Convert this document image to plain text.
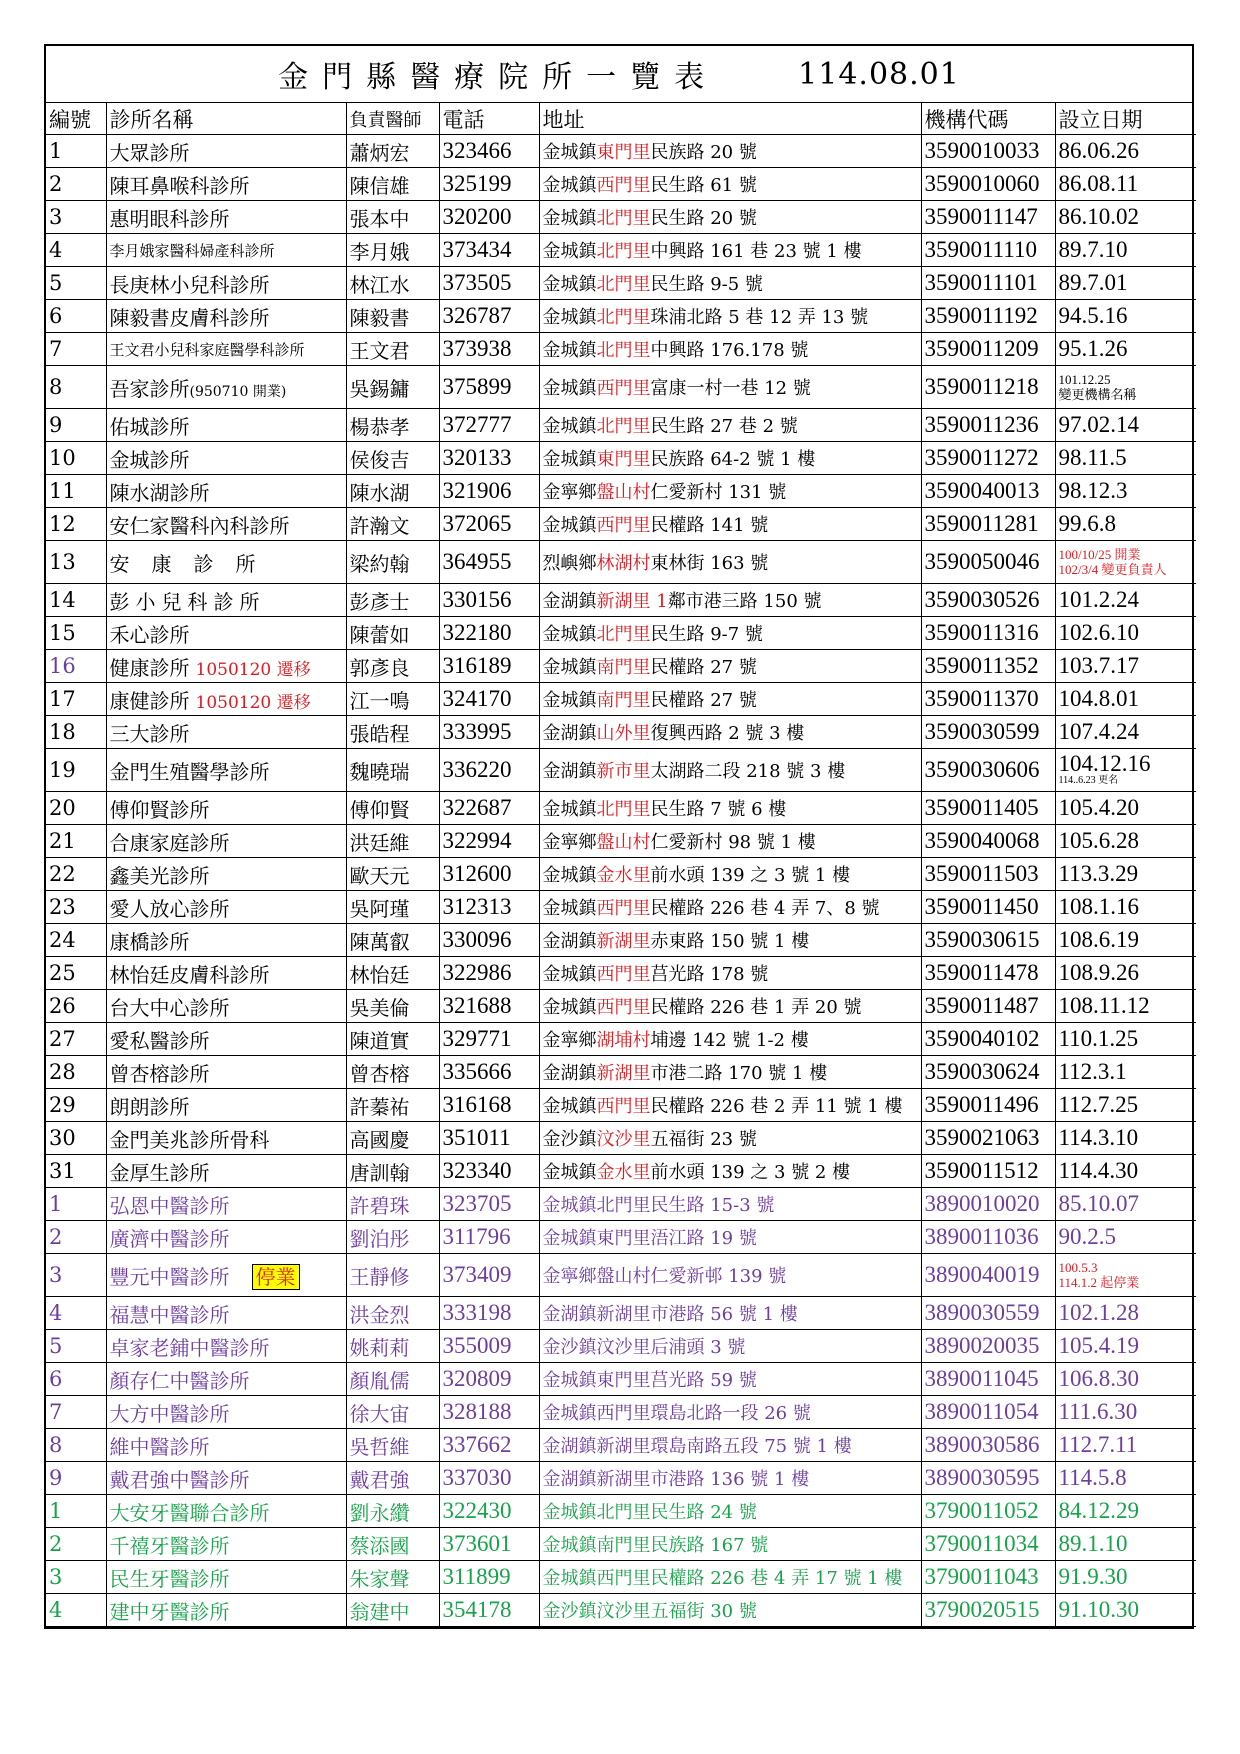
金門縣醫療院所一覽表	114.08.01
編號	診所名稱	負責醫師	電話	地址	機構代碼	設立日期
1	大眾診所	蕭炳宏	323466	金城鎮東門里民族路 20 號	3590010033	86.06.26
2	陳耳鼻喉科診所	陳信雄	325199	金城鎮西門里民生路 61 號	3590010060	86.08.11
3	惠明眼科診所	張本中	320200	金城鎮北門里民生路 20 號	3590011147	86.10.02
4	李月娥家醫科婦產科診所	李月娥	373434	金城鎮北門里中興路 161 巷 23 號 1 樓	3590011110	89.7.10
5	長庚林小兒科診所	林江水	373505	金城鎮北門里民生路 9-5 號	3590011101	89.7.01
6	陳毅書皮膚科診所	陳毅書	326787	金城鎮北門里珠浦北路 5 巷 12 弄 13 號	3590011192	94.5.16
7	王文君小兒科家庭醫學科診所	王文君	373938	金城鎮北門里中興路 176.178 號	3590011209	95.1.26
8	吾家診所(950710 開業)	吳錫鏞	375899	金城鎮西門里富康一村一巷 12 號	3590011218	101.12.25
變更機構名稱

9	佑城診所	楊恭孝	372777	金城鎮北門里民生路 27 巷 2 號	3590011236	97.02.14
10	金城診所	侯俊吉	320133	金城鎮東門里民族路 64-2 號 1 樓	3590011272	98.11.5
11	陳水湖診所	陳水湖	321906	金寧鄉盤山村仁愛新村 131 號	3590040013	98.12.3
12	安仁家醫科內科診所	許瀚文	372065	金城鎮西門里民權路 141 號	3590011281	99.6.8
13	安康診所	梁約翰	364955	烈嶼鄉林湖村東林街 163 號	3590050046	100/10/25 開業
102/3/4 變更負責人

14	彭小兒科診所	彭彥士	330156	金湖鎮新湖里 1鄰市港三路 150 號	3590030526	101.2.24
15	禾心診所	陳蕾如	322180	金城鎮北門里民生路 9-7 號	3590011316	102.6.10
16	健康診所 1050120 遷移	郭彥良	316189	金城鎮南門里民權路 27 號	3590011352	103.7.17
17	康健診所 1050120 遷移	江一鳴	324170	金城鎮南門里民權路 27 號	3590011370	104.8.01
18	三大診所	張皓程	333995	金湖鎮山外里復興西路 2 號 3 樓	3590030599	107.4.24
19	金門生殖醫學診所	魏曉瑞	336220	金湖鎮新市里太湖路二段 218 號 3 樓	3590030606	104.12.16
114..6.23 更名

20	傅仰賢診所	傅仰賢	322687	金城鎮北門里民生路 7 號 6 樓	3590011405	105.4.20
21	合康家庭診所	洪廷維	322994	金寧鄉盤山村仁愛新村 98 號 1 樓	3590040068	105.6.28
22	鑫美光診所	歐天元	312600	金城鎮金水里前水頭 139 之 3 號 1 樓	3590011503	113.3.29
23	愛人放心診所	吳阿瑾	312313	金城鎮西門里民權路 226 巷 4 弄 7、8 號	3590011450	108.1.16
24	康橋診所	陳萬叡	330096	金湖鎮新湖里赤東路 150 號 1 樓	3590030615	108.6.19
25	林怡廷皮膚科診所	林怡廷	322986	金城鎮西門里莒光路 178 號	3590011478	108.9.26
26	台大中心診所	吳美倫	321688	金城鎮西門里民權路 226 巷 1 弄 20 號	3590011487	108.11.12
27	愛私醫診所	陳道實	329771	金寧鄉湖埔村埔邊 142 號 1-2 樓	3590040102	110.1.25
28	曾杏榕診所	曾杏榕	335666	金湖鎮新湖里市港二路 170 號 1 樓	3590030624	112.3.1
29	朗朗診所	許蓁祐	316168	金城鎮西門里民權路 226 巷 2 弄 11 號 1 樓	3590011496	112.7.25
30	金門美兆診所骨科	高國慶	351011	金沙鎮汶沙里五福街 23 號	3590021063	114.3.10
31	金厚生診所	唐訓翰	323340	金城鎮金水里前水頭 139 之 3 號 2 樓	3590011512	114.4.30
1	弘恩中醫診所	許碧珠	323705	金城鎮北門里民生路 15-3 號	3890010020	85.10.07
2	廣濟中醫診所	劉泊彤	311796	金城鎮東門里浯江路 19 號	3890011036	90.2.5
3	豐元中醫診所 停業	王靜修	373409	金寧鄉盤山村仁愛新邨 139 號	3890040019	100.5.3
114.1.2 起停業

4	福慧中醫診所	洪金烈	333198	金湖鎮新湖里市港路 56 號 1 樓	3890030559	102.1.28
5	卓家老鋪中醫診所	姚莉莉	355009	金沙鎮汶沙里后浦頭 3 號	3890020035	105.4.19
6	顏存仁中醫診所	顏胤儒	320809	金城鎮東門里莒光路 59 號	3890011045	106.8.30
7	大方中醫診所	徐大宙	328188	金城鎮西門里環島北路一段 26 號	3890011054	111.6.30
8	維中醫診所	吳哲維	337662	金湖鎮新湖里環島南路五段 75 號 1 樓	3890030586	112.7.11
9	戴君強中醫診所	戴君強	337030	金湖鎮新湖里市港路 136 號 1 樓	3890030595	114.5.8
1	大安牙醫聯合診所	劉永纘	322430	金城鎮北門里民生路 24 號	3790011052	84.12.29
2	千禧牙醫診所	蔡添國	373601	金城鎮南門里民族路 167 號	3790011034	89.1.10
3	民生牙醫診所	朱家聲	311899	金城鎮西門里民權路 226 巷 4 弄 17 號 1 樓	3790011043	91.9.30
4	建中牙醫診所	翁建中	354178	金沙鎮汶沙里五福街 30 號	3790020515	91.10.30
